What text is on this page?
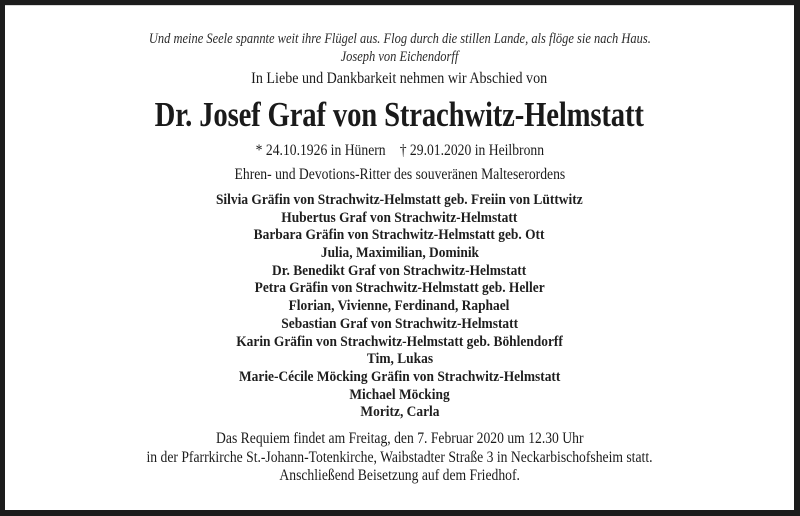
Und meine Seele spannte weit ihre Flügel aus. Flog durch die stillen Lande, als flöge sie nach Haus.
Joseph von Eichendorff
In Liebe und Dankbarkeit nehmen wir Abschied von
Dr. Josef Graf von Strachwitz-Helmstatt
* 24.10.1926 in Hünern † 29.01.2020 in Heilbronn
Ehren- und Devotions-Ritter des souveränen Malteserordens
Silvia Gräfin von Strachwitz-Helmstatt geb. Freiin von Lüttwitz
Hubertus Graf von Strachwitz-Helmstatt
Barbara Gräfin von Strachwitz-Helmstatt geb. Ott
Julia, Maximilian, Dominik
Dr. Benedikt Graf von Strachwitz-Helmstatt
Petra Gräfin von Strachwitz-Helmstatt geb. Heller
Florian, Vivienne, Ferdinand, Raphael
Sebastian Graf von Strachwitz-Helmstatt
Karin Gräfin von Strachwitz-Helmstatt geb. Böhlendorff
Tim, Lukas
Marie-Cécile Möcking Gräfin von Strachwitz-Helmstatt
Michael Möcking
Moritz, Carla
Das Requiem findet am Freitag, den 7. Februar 2020 um 12.30 Uhr
in der Pfarrkirche St.-Johann-Totenkirche, Waibstadter Straße 3 in Neckarbischofsheim statt.
Anschließend Beisetzung auf dem Friedhof.
